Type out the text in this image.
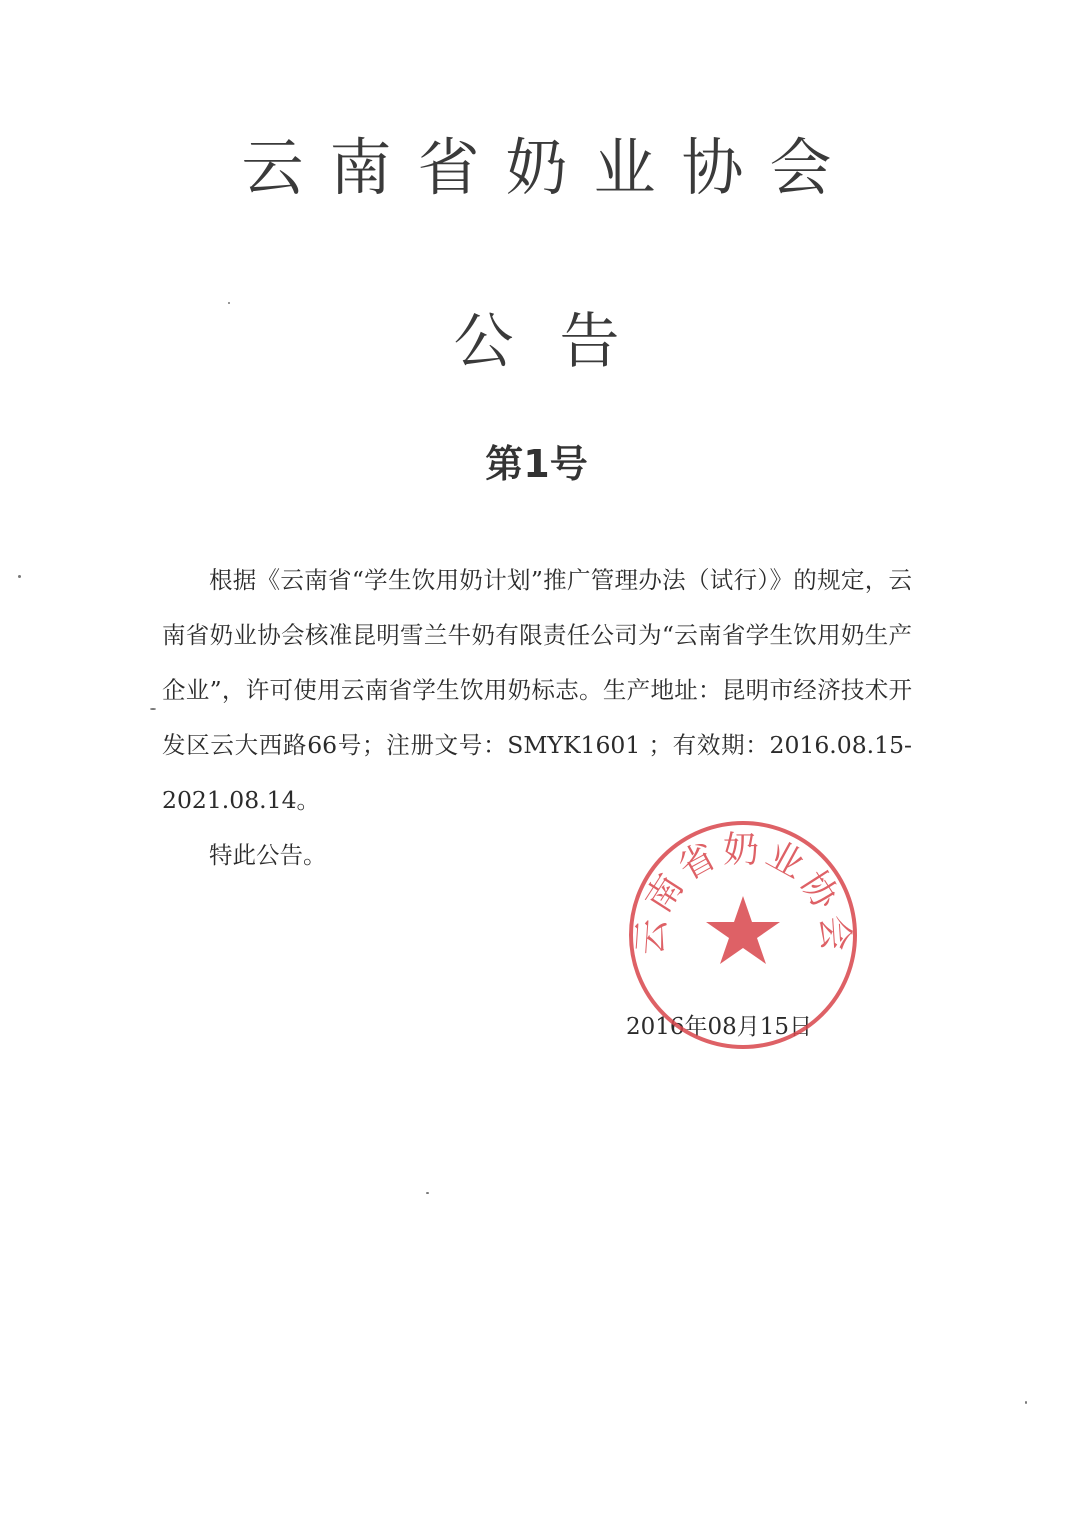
云南省奶业协会
公告
第1号

根据《云南省“学生饮用奶计划”推广管理办法（试行）》的规定，云南省奶业协会核准昆明雪兰牛奶有限责任公司为“云南省学生饮用奶生产企业”，许可使用云南省学生饮用奶标志。生产地址：昆明市经济技术开发区云大西路66号；注册文号：SMYK1601 ；有效期：2016.08.15-2021.08.14。

特此公告。

2016年08月15日
云南省奶业协会
